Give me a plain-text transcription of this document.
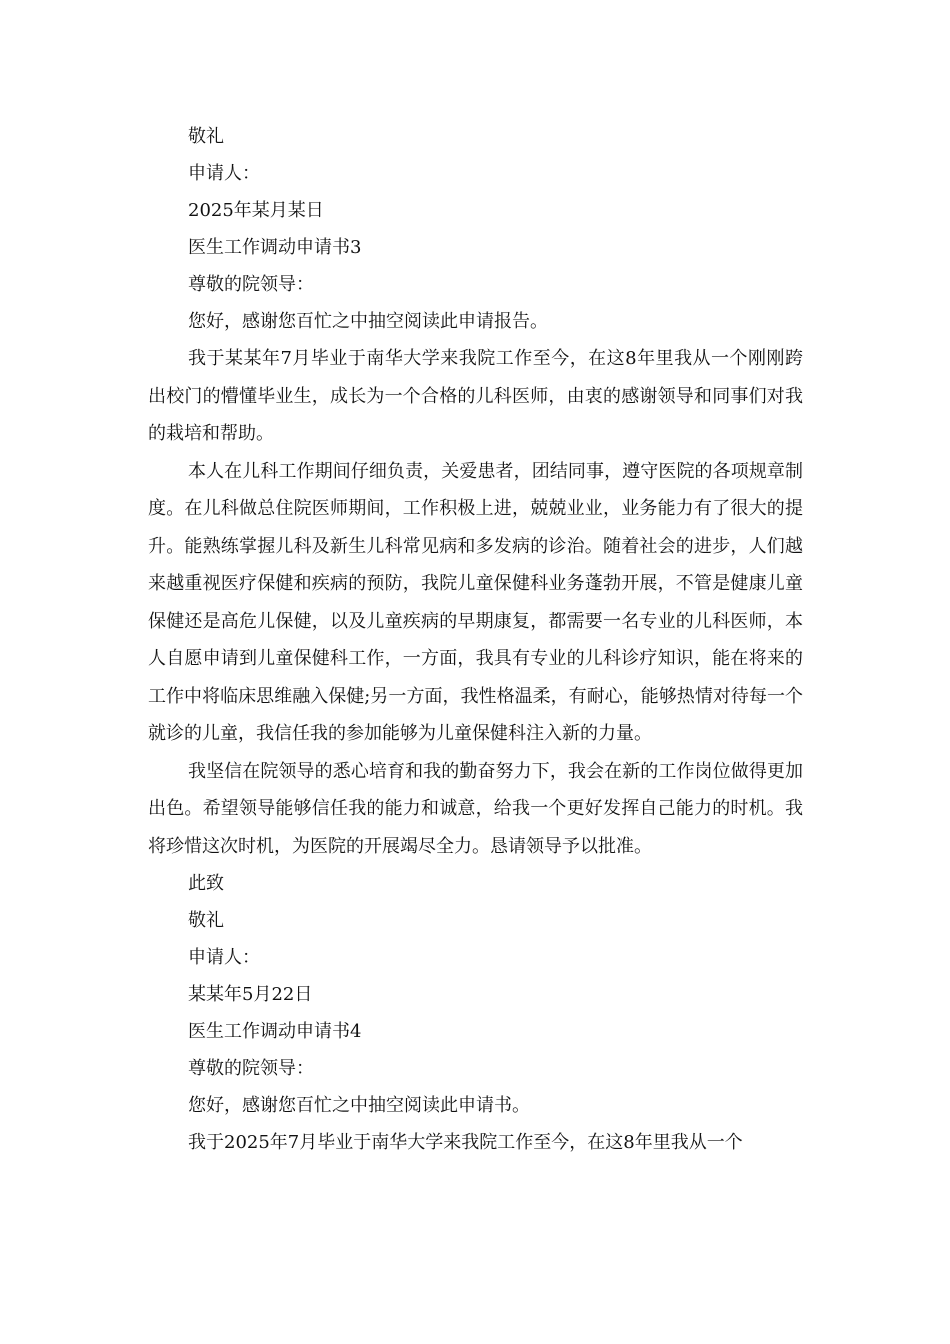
敬礼

申请人：

2025年某月某日

医生工作调动申请书3

尊敬的院领导：

您好，感谢您百忙之中抽空阅读此申请报告。

我于某某年7月毕业于南华大学来我院工作至今，在这8年里我从一个刚刚跨出校门的懵懂毕业生，成长为一个合格的儿科医师，由衷的感谢领导和同事们对我的栽培和帮助。

本人在儿科工作期间仔细负责，关爱患者，团结同事，遵守医院的各项规章制度。在儿科做总住院医师期间，工作积极上进，兢兢业业，业务能力有了很大的提升。能熟练掌握儿科及新生儿科常见病和多发病的诊治。随着社会的进步，人们越来越重视医疗保健和疾病的预防，我院儿童保健科业务蓬勃开展，不管是健康儿童保健还是高危儿保健，以及儿童疾病的早期康复，都需要一名专业的儿科医师，本人自愿申请到儿童保健科工作，一方面，我具有专业的儿科诊疗知识，能在将来的工作中将临床思维融入保健;另一方面，我性格温柔，有耐心，能够热情对待每一个就诊的儿童，我信任我的参加能够为儿童保健科注入新的力量。

我坚信在院领导的悉心培育和我的勤奋努力下，我会在新的工作岗位做得更加出色。希望领导能够信任我的能力和诚意，给我一个更好发挥自己能力的时机。我将珍惜这次时机，为医院的开展竭尽全力。恳请领导予以批准。

此致

敬礼

申请人：

某某年5月22日

医生工作调动申请书4

尊敬的院领导：

您好，感谢您百忙之中抽空阅读此申请书。

我于2025年7月毕业于南华大学来我院工作至今，在这8年里我从一个
